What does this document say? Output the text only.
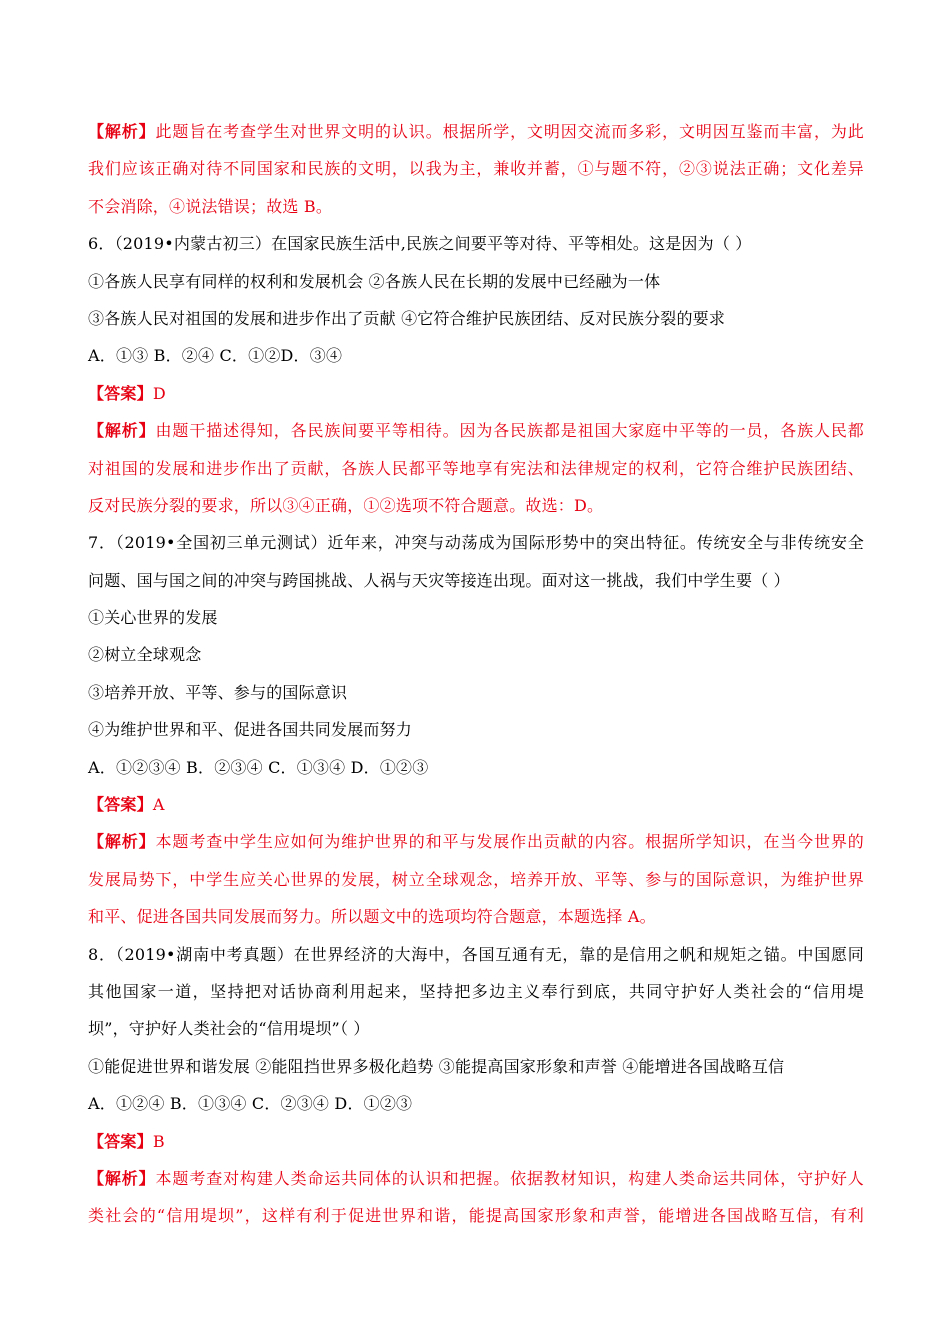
【解析】此题旨在考查学生对世界文明的认识。根据所学，文明因交流而多彩，文明因互鉴而丰富，为此
我们应该正确对待不同国家和民族的文明，以我为主，兼收并蓄，①与题不符，②③说法正确；文化差异
不会消除，④说法错误；故选 B。
6．（2019•内蒙古初三）在国家民族生活中,民族之间要平等对待、平等相处。这是因为（ ）
①各族人民享有同样的权利和发展机会 ②各族人民在长期的发展中已经融为一体
③各族人民对祖国的发展和进步作出了贡献 ④它符合维护民族团结、反对民族分裂的要求
A．①③ B．②④ C．①②D．③④
【答案】D
【解析】由题干描述得知，各民族间要平等相待。因为各民族都是祖国大家庭中平等的一员，各族人民都
对祖国的发展和进步作出了贡献，各族人民都平等地享有宪法和法律规定的权利，它符合维护民族团结、
反对民族分裂的要求，所以③④正确，①②选项不符合题意。故选：D。
7．（2019•全国初三单元测试）近年来，冲突与动荡成为国际形势中的突出特征。传统安全与非传统安全
问题、国与国之间的冲突与跨国挑战、人祸与天灾等接连出现。面对这一挑战，我们中学生要（ ）
①关心世界的发展
②树立全球观念
③培养开放、平等、参与的国际意识
④为维护世界和平、促进各国共同发展而努力
A．①②③④ B．②③④ C．①③④ D．①②③
【答案】A
【解析】本题考查中学生应如何为维护世界的和平与发展作出贡献的内容。根据所学知识，在当今世界的
发展局势下，中学生应关心世界的发展，树立全球观念，培养开放、平等、参与的国际意识，为维护世界
和平、促进各国共同发展而努力。所以题文中的选项均符合题意，本题选择 A。
8．（2019•湖南中考真题）在世界经济的大海中，各国互通有无，靠的是信用之帆和规矩之锚。中国愿同
其他国家一道，坚持把对话协商利用起来，坚持把多边主义奉行到底，共同守护好人类社会的“信用堤
坝”，守护好人类社会的“信用堤坝”（ ）
①能促进世界和谐发展 ②能阻挡世界多极化趋势 ③能提高国家形象和声誉 ④能增进各国战略互信
A．①②④ B．①③④ C．②③④ D．①②③
【答案】B
【解析】本题考查对构建人类命运共同体的认识和把握。依据教材知识，构建人类命运共同体，守护好人
类社会的“信用堤坝”，这样有利于促进世界和谐，能提高国家形象和声誉，能增进各国战略互信，有利
